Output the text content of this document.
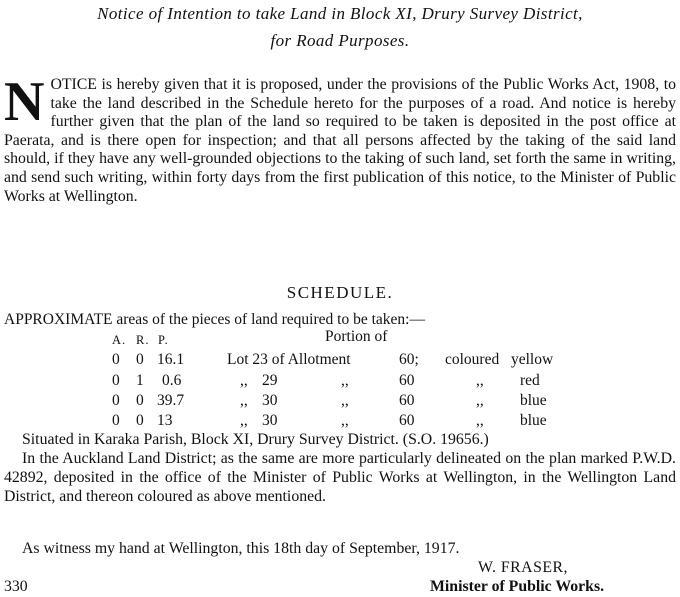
Notice of Intention to take Land in Block XI, Drury Survey District,
for Road Purposes.
NOTICE is hereby given that it is proposed, under the provisions of the Public Works Act, 1908, to take the land described in the Schedule hereto for the purposes of a road. And notice is hereby further given that the plan of the land so required to be taken is deposited in the post office at Paerata, and is there open for inspection; and that all persons affected by the taking of the said land should, if they have any well-grounded objections to the taking of such land, set forth the same in writing, and send such writing, within forty days from the first publication of this notice, to the Minister of Public Works at Wellington.
SCHEDULE.
APPROXIMATE areas of the pieces of land required to be taken:—
A. R. P.	Portion of
0 0 16.1	Lot 23 of Allotment	60; coloured yellow
0 1 0.6	,, 29	,,	60	,, red
0 0 39.7	,, 30	,,	60	,, blue
0 0 13	,, 30	,,	60	,, blue

Situated in Karaka Parish, Block XI, Drury Survey District. (S.O. 19656.)

In the Auckland Land District; as the same are more particularly delineated on the plan marked P.W.D. 42892, deposited in the office of the Minister of Public Works at Wellington, in the Wellington Land District, and thereon coloured as above mentioned.

As witness my hand at Wellington, this 18th day of September, 1917.
W. FRASER,
330	Minister of Public Works.
